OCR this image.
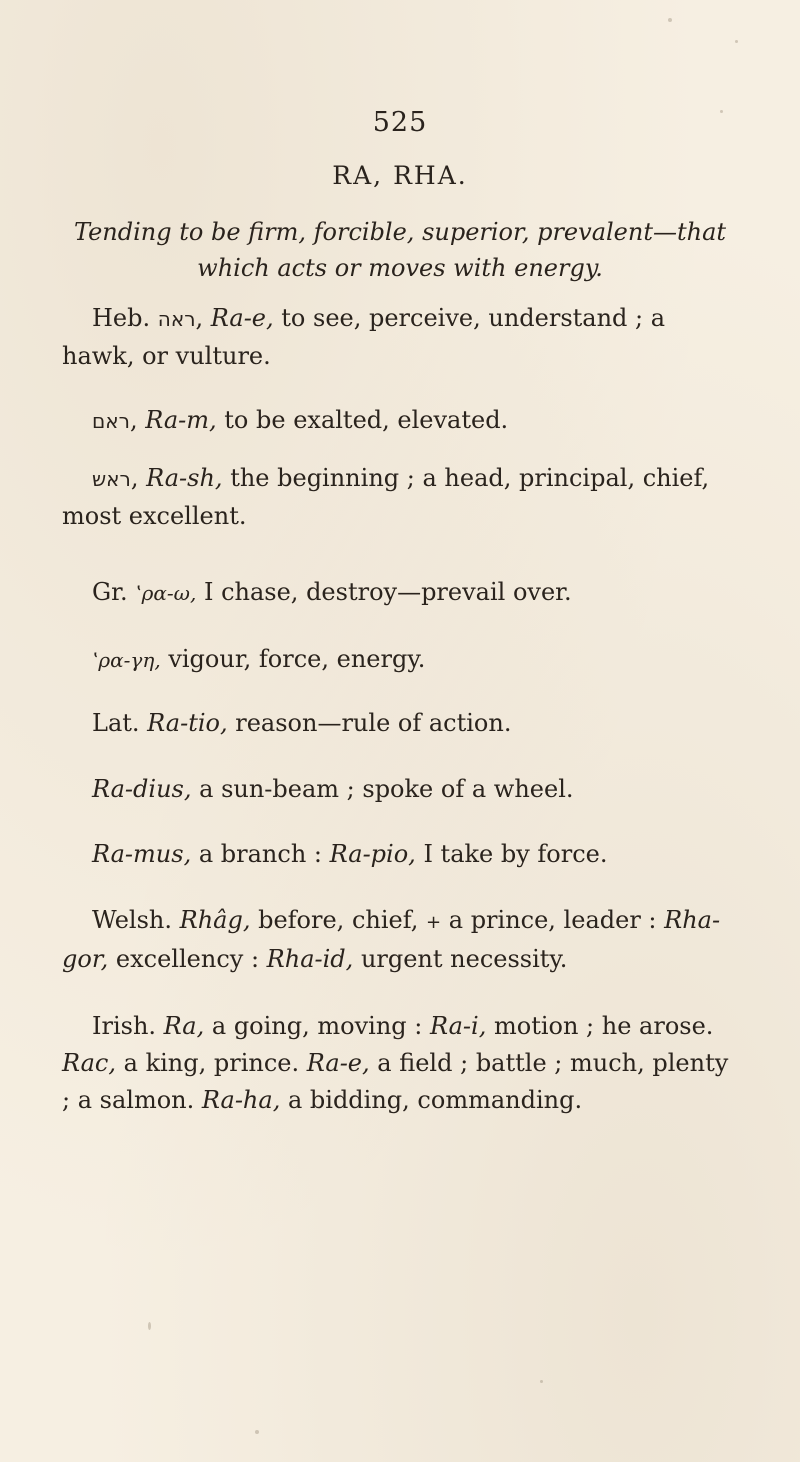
525
RA, RHA.
Tending to be firm, forcible, superior, prevalent—that
which acts or moves with energy.
Heb. ראה, Ra-e, to see, perceive, understand ; a hawk, or vulture.
ראם, Ra-m, to be exalted, elevated.
ראש, Ra-sh, the beginning ; a head, principal, chief, most excellent.
Gr. ʽρα-ω, I chase, destroy—prevail over.
ʽρα-γη, vigour, force, energy.
Lat. Ra-tio, reason—rule of action.
Ra-dius, a sun-beam ; spoke of a wheel.
Ra-mus, a branch : Ra-pio, I take by force.
Welsh. Rhâg, before, chief, + a prince, leader : Rha-gor, excellency : Rha-id, urgent necessity.
Irish. Ra, a going, moving : Ra-i, motion ; he arose. Rac, a king, prince. Ra-e, a field ; battle ; much, plenty ; a salmon. Ra-ha, a bidding, commanding.
